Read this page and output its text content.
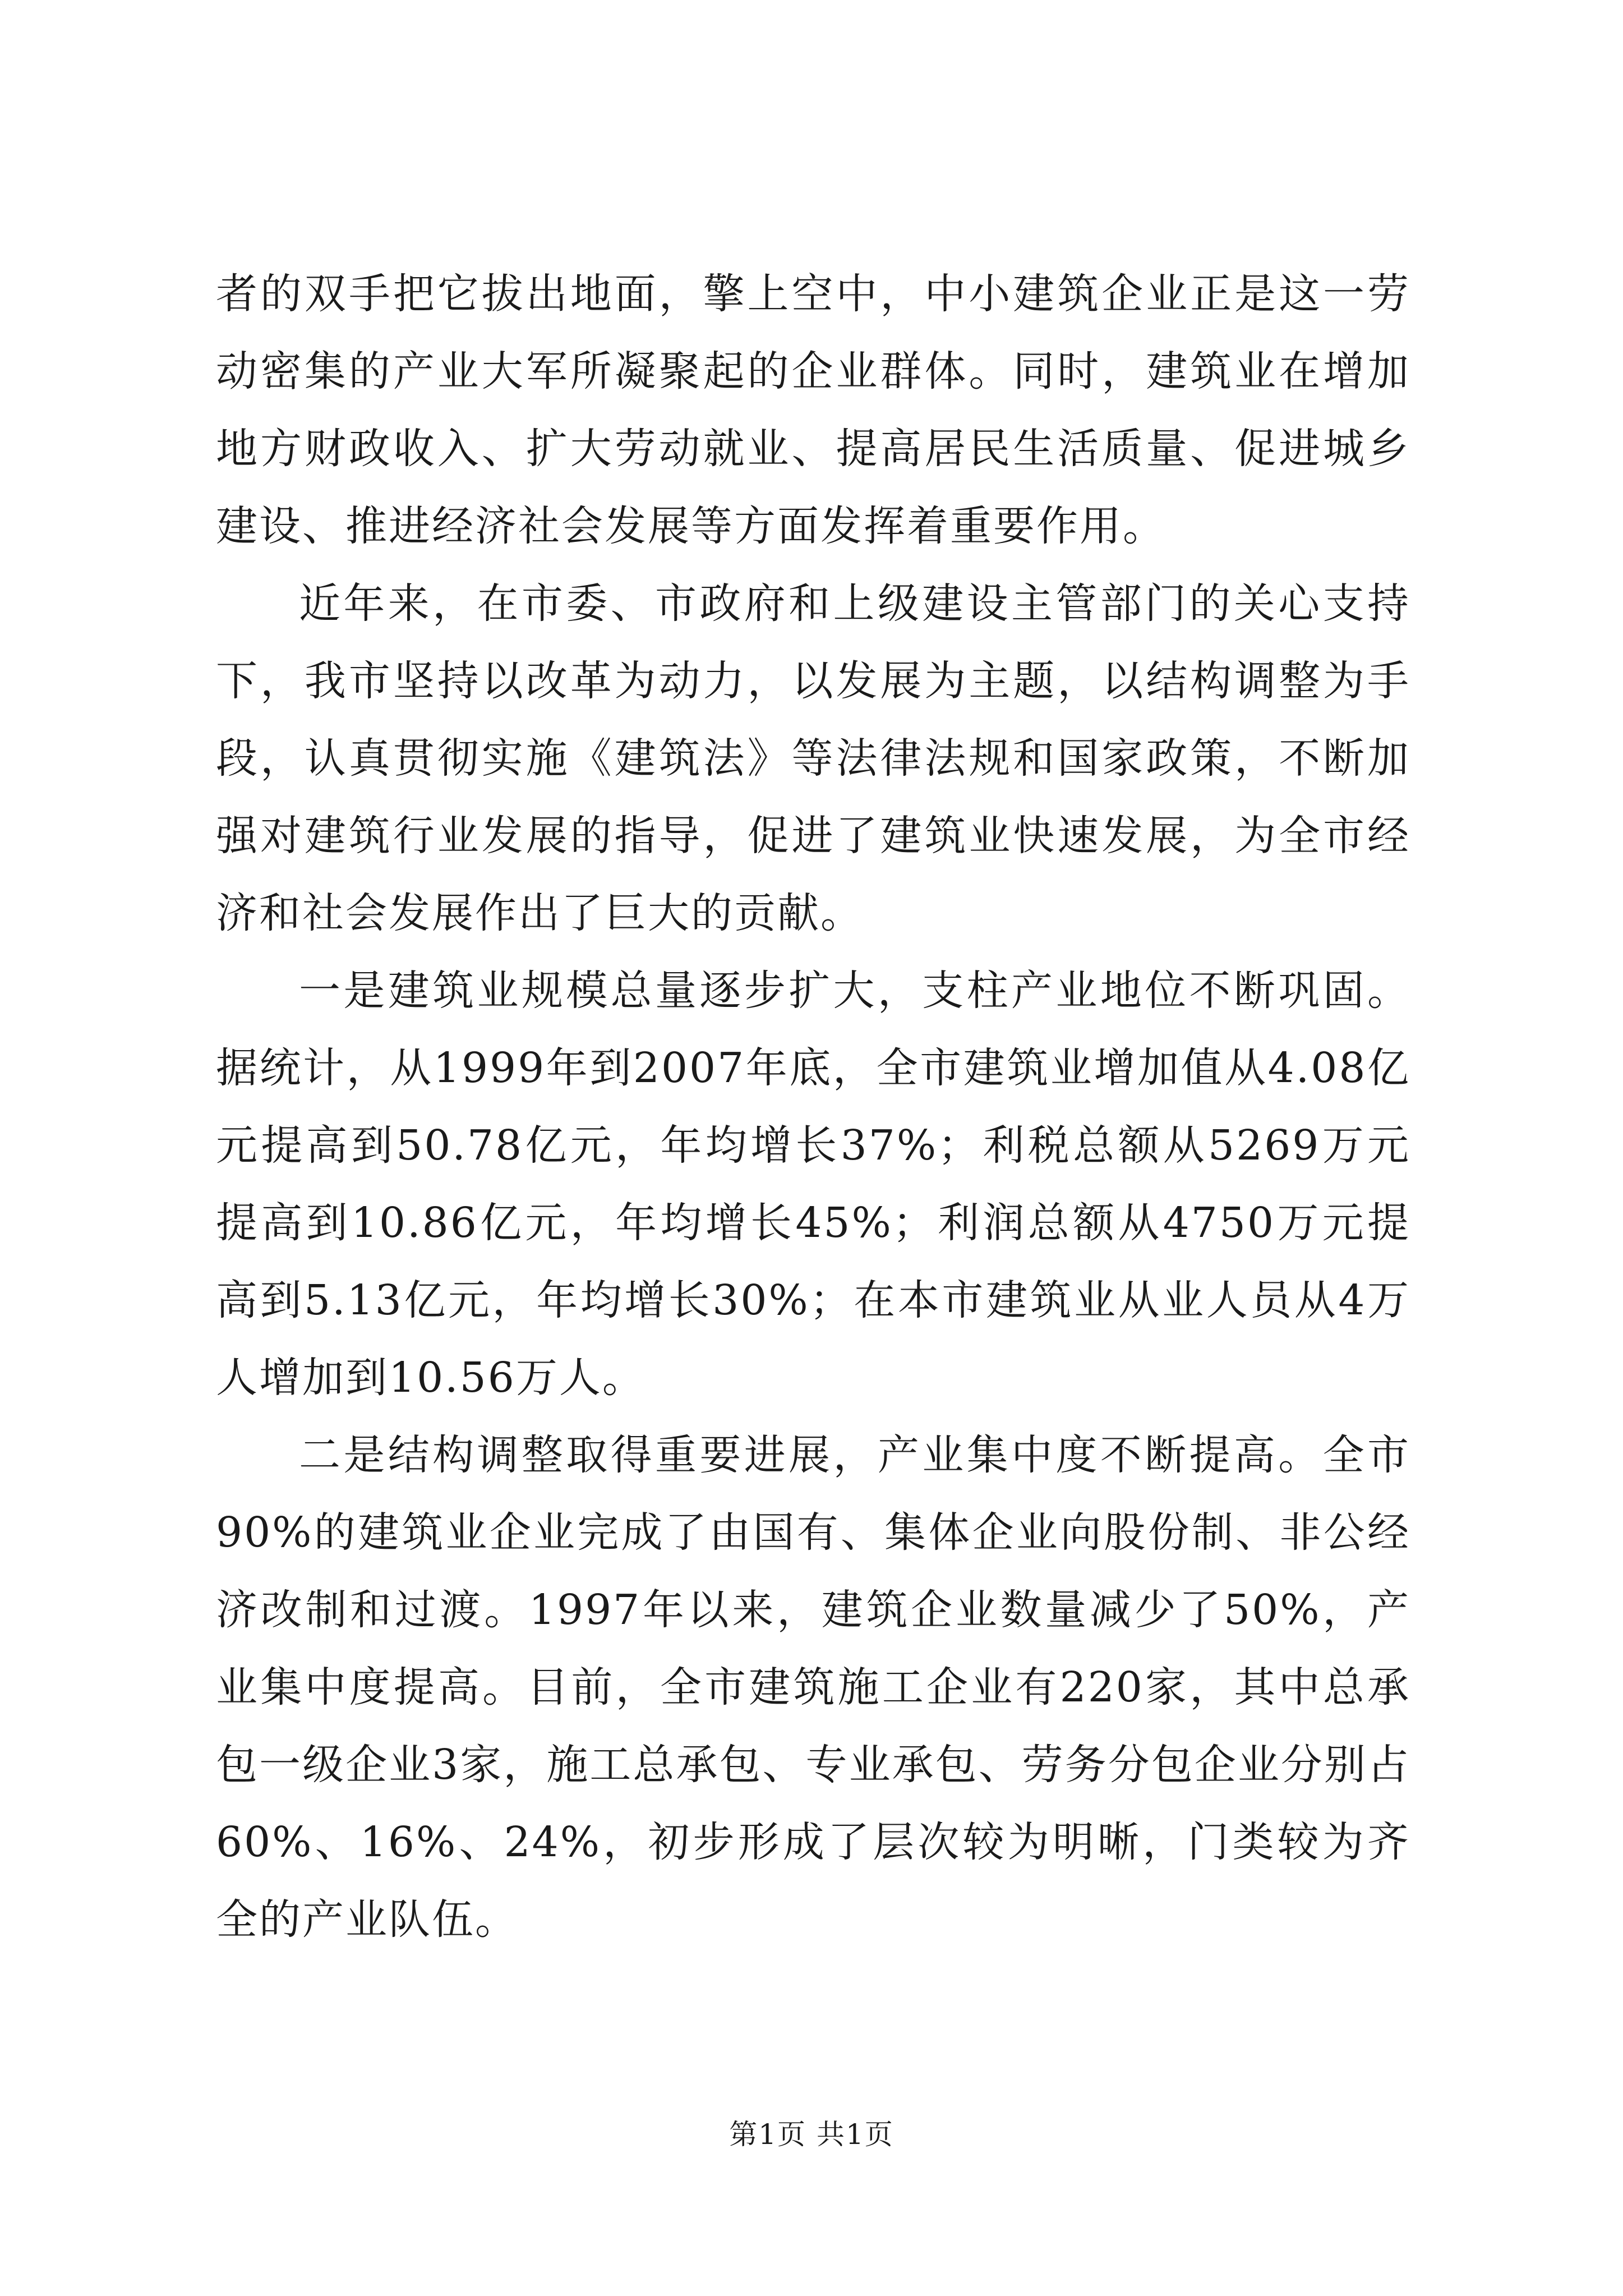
者的双手把它拔出地面，擎上空中，中小建筑企业正是这一劳动密集的产业大军所凝聚起的企业群体。同时，建筑业在增加地方财政收入、扩大劳动就业、提高居民生活质量、促进城乡建设、推进经济社会发展等方面发挥着重要作用。

近年来，在市委、市政府和上级建设主管部门的关心支持下，我市坚持以改革为动力，以发展为主题，以结构调整为手段，认真贯彻实施《建筑法》等法律法规和国家政策，不断加强对建筑行业发展的指导，促进了建筑业快速发展，为全市经济和社会发展作出了巨大的贡献。

一是建筑业规模总量逐步扩大，支柱产业地位不断巩固。据统计，从1999年到2007年底，全市建筑业增加值从4.08亿元提高到50.78亿元，年均增长37%；利税总额从5269万元提高到10.86亿元，年均增长45%；利润总额从4750万元提高到5.13亿元，年均增长30%；在本市建筑业从业人员从4万人增加到10.56万人。

二是结构调整取得重要进展，产业集中度不断提高。全市90%的建筑业企业完成了由国有、集体企业向股份制、非公经济改制和过渡。1997年以来，建筑企业数量减少了50%，产业集中度提高。目前，全市建筑施工企业有220家，其中总承包一级企业3家，施工总承包、专业承包、劳务分包企业分别占60%、16%、24%，初步形成了层次较为明晰，门类较为齐全的产业队伍。

第1页 共1页
